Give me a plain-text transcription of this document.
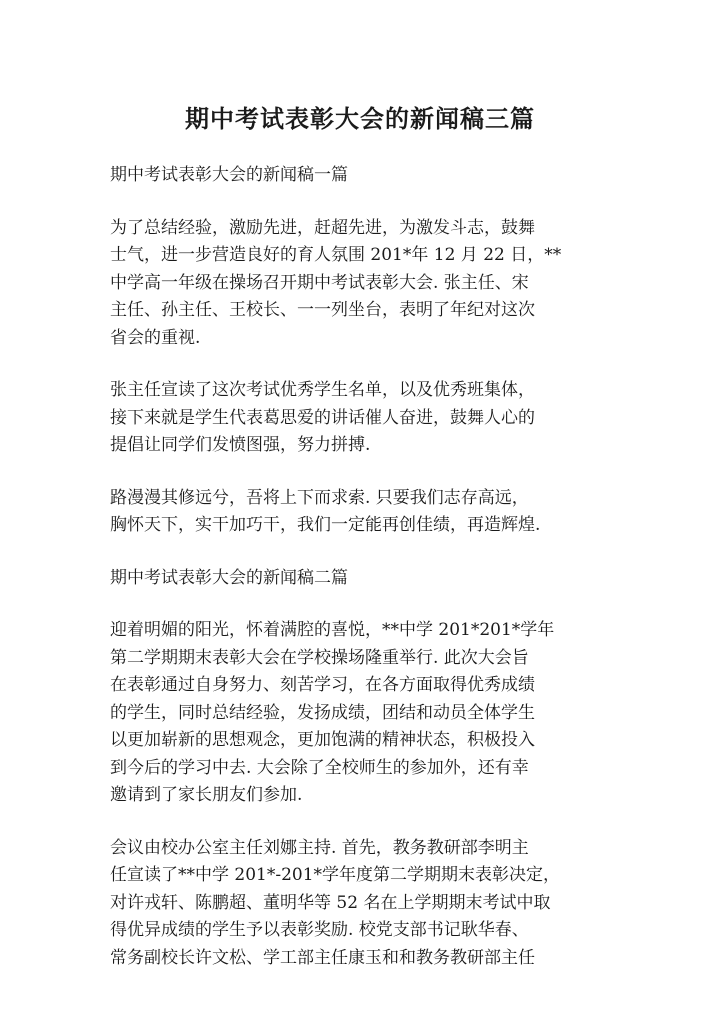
期中考试表彰大会的新闻稿三篇
期中考试表彰大会的新闻稿一篇
为了总结经验，激励先进，赶超先进，为激发斗志，鼓舞
士气，进一步营造良好的育人氛围 201*年 12 月 22 日，**
中学高一年级在操场召开期中考试表彰大会. 张主任、宋
主任、孙主任、王校长、一一列坐台，表明了年纪对这次
省会的重视.
张主任宣读了这次考试优秀学生名单，以及优秀班集体，
接下来就是学生代表葛思爱的讲话催人奋进，鼓舞人心的
提倡让同学们发愤图强，努力拼搏.
路漫漫其修远兮，吾将上下而求索. 只要我们志存高远，
胸怀天下，实干加巧干，我们一定能再创佳绩，再造辉煌.
期中考试表彰大会的新闻稿二篇
迎着明媚的阳光，怀着满腔的喜悦，**中学 201*201*学年
第二学期期末表彰大会在学校操场隆重举行. 此次大会旨
在表彰通过自身努力、刻苦学习，在各方面取得优秀成绩
的学生，同时总结经验，发扬成绩，团结和动员全体学生
以更加崭新的思想观念，更加饱满的精神状态，积极投入
到今后的学习中去. 大会除了全校师生的参加外，还有幸
邀请到了家长朋友们参加.
会议由校办公室主任刘娜主持. 首先，教务教研部李明主
任宣读了**中学 201*-201*学年度第二学期期末表彰决定，
对许戎轩、陈鹏超、董明华等 52 名在上学期期末考试中取
得优异成绩的学生予以表彰奖励. 校党支部书记耿华春、
常务副校长许文松、学工部主任康玉和和教务教研部主任
